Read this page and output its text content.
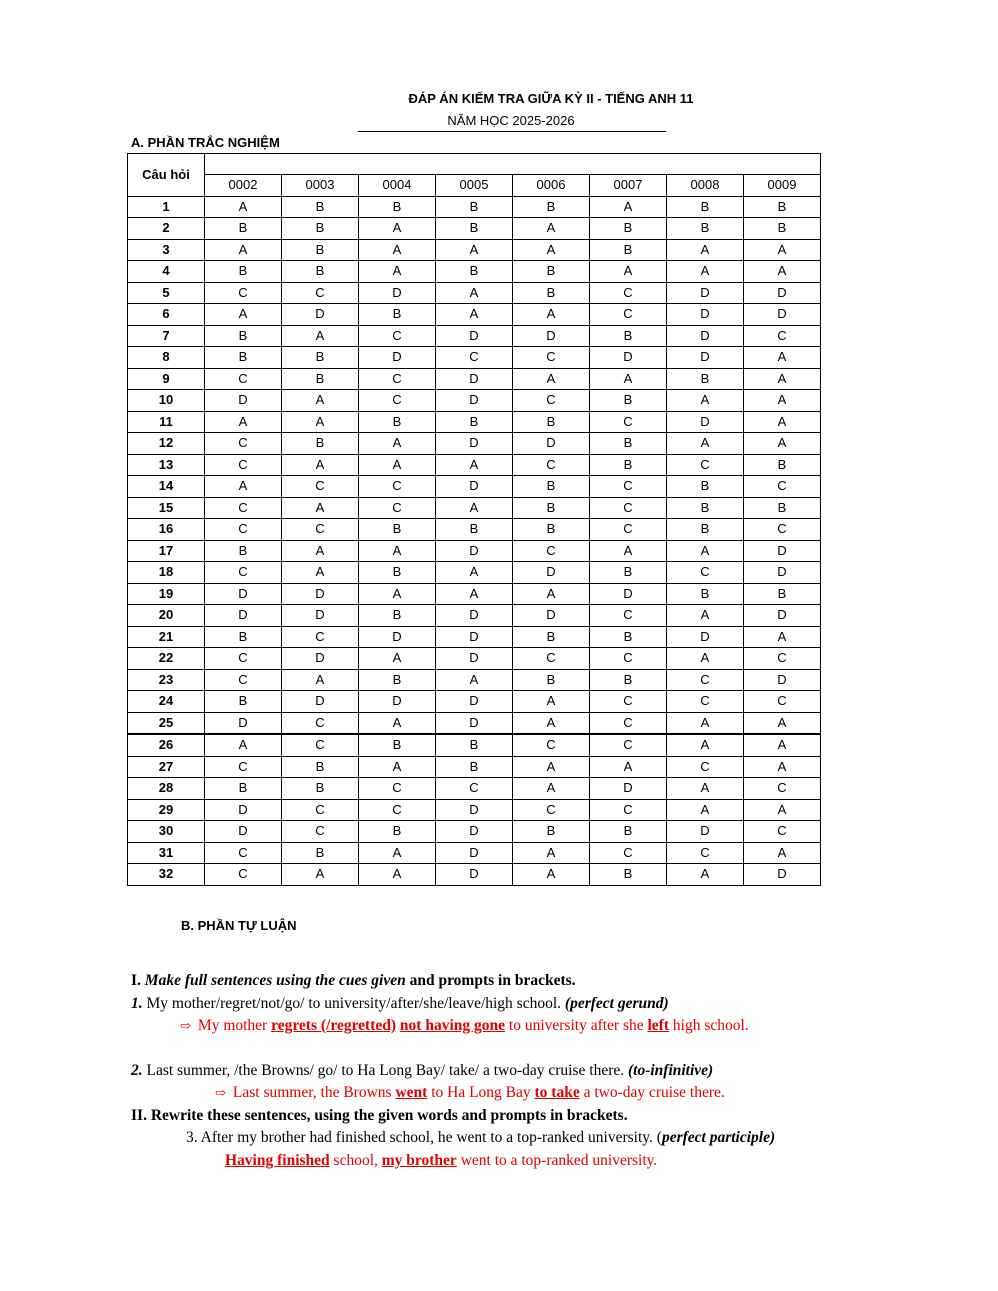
ĐÁP ÁN KIỂM TRA GIỮA KỲ II - TIẾNG ANH 11
NĂM HỌC 2025-2026
A. PHẦN TRẮC NGHIỆM
Câu hỏi								
	0002	0003	0004	0005	0006	0007	0008	0009
1	A	B	B	B	B	A	B	B
2	B	B	A	B	A	B	B	B
3	A	B	A	A	A	B	A	A
4	B	B	A	B	B	A	A	A
5	C	C	D	A	B	C	D	D
6	A	D	B	A	A	C	D	D
7	B	A	C	D	D	B	D	C
8	B	B	D	C	C	D	D	A
9	C	B	C	D	A	A	B	A
10	D	A	C	D	C	B	A	A
11	A	A	B	B	B	C	D	A
12	C	B	A	D	D	B	A	A
13	C	A	A	A	C	B	C	B
14	A	C	C	D	B	C	B	C
15	C	A	C	A	B	C	B	B
16	C	C	B	B	B	C	B	C
17	B	A	A	D	C	A	A	D
18	C	A	B	A	D	B	C	D
19	D	D	A	A	A	D	B	B
20	D	D	B	D	D	C	A	D
21	B	C	D	D	B	B	D	A
22	C	D	A	D	C	C	A	C
23	C	A	B	A	B	B	C	D
24	B	D	D	D	A	C	C	C
25	D	C	A	D	A	C	A	A
26	A	C	B	B	C	C	A	A
27	C	B	A	B	A	A	C	A
28	B	B	C	C	A	D	A	C
29	D	C	C	D	C	C	A	A
30	D	C	B	D	B	B	D	C
31	C	B	A	D	A	C	C	A
32	C	A	A	D	A	B	A	D
B. PHẦN TỰ LUẬN
I. Make full sentences using the cues given and prompts in brackets.
1. My mother/regret/not/go/ to university/after/she/leave/high school. (perfect gerund)
⇨ My mother regrets (/regretted) not having gone to university after she left high school.
2. Last summer, /the Browns/ go/ to Ha Long Bay/ take/ a two-day cruise there. (to-infinitive)
⇨ Last summer, the Browns went to Ha Long Bay to take a two-day cruise there.
II. Rewrite these sentences, using the given words and prompts in brackets.
3. After my brother had finished school, he went to a top-ranked university. (perfect participle)
Having finished school, my brother went to a top-ranked university.
